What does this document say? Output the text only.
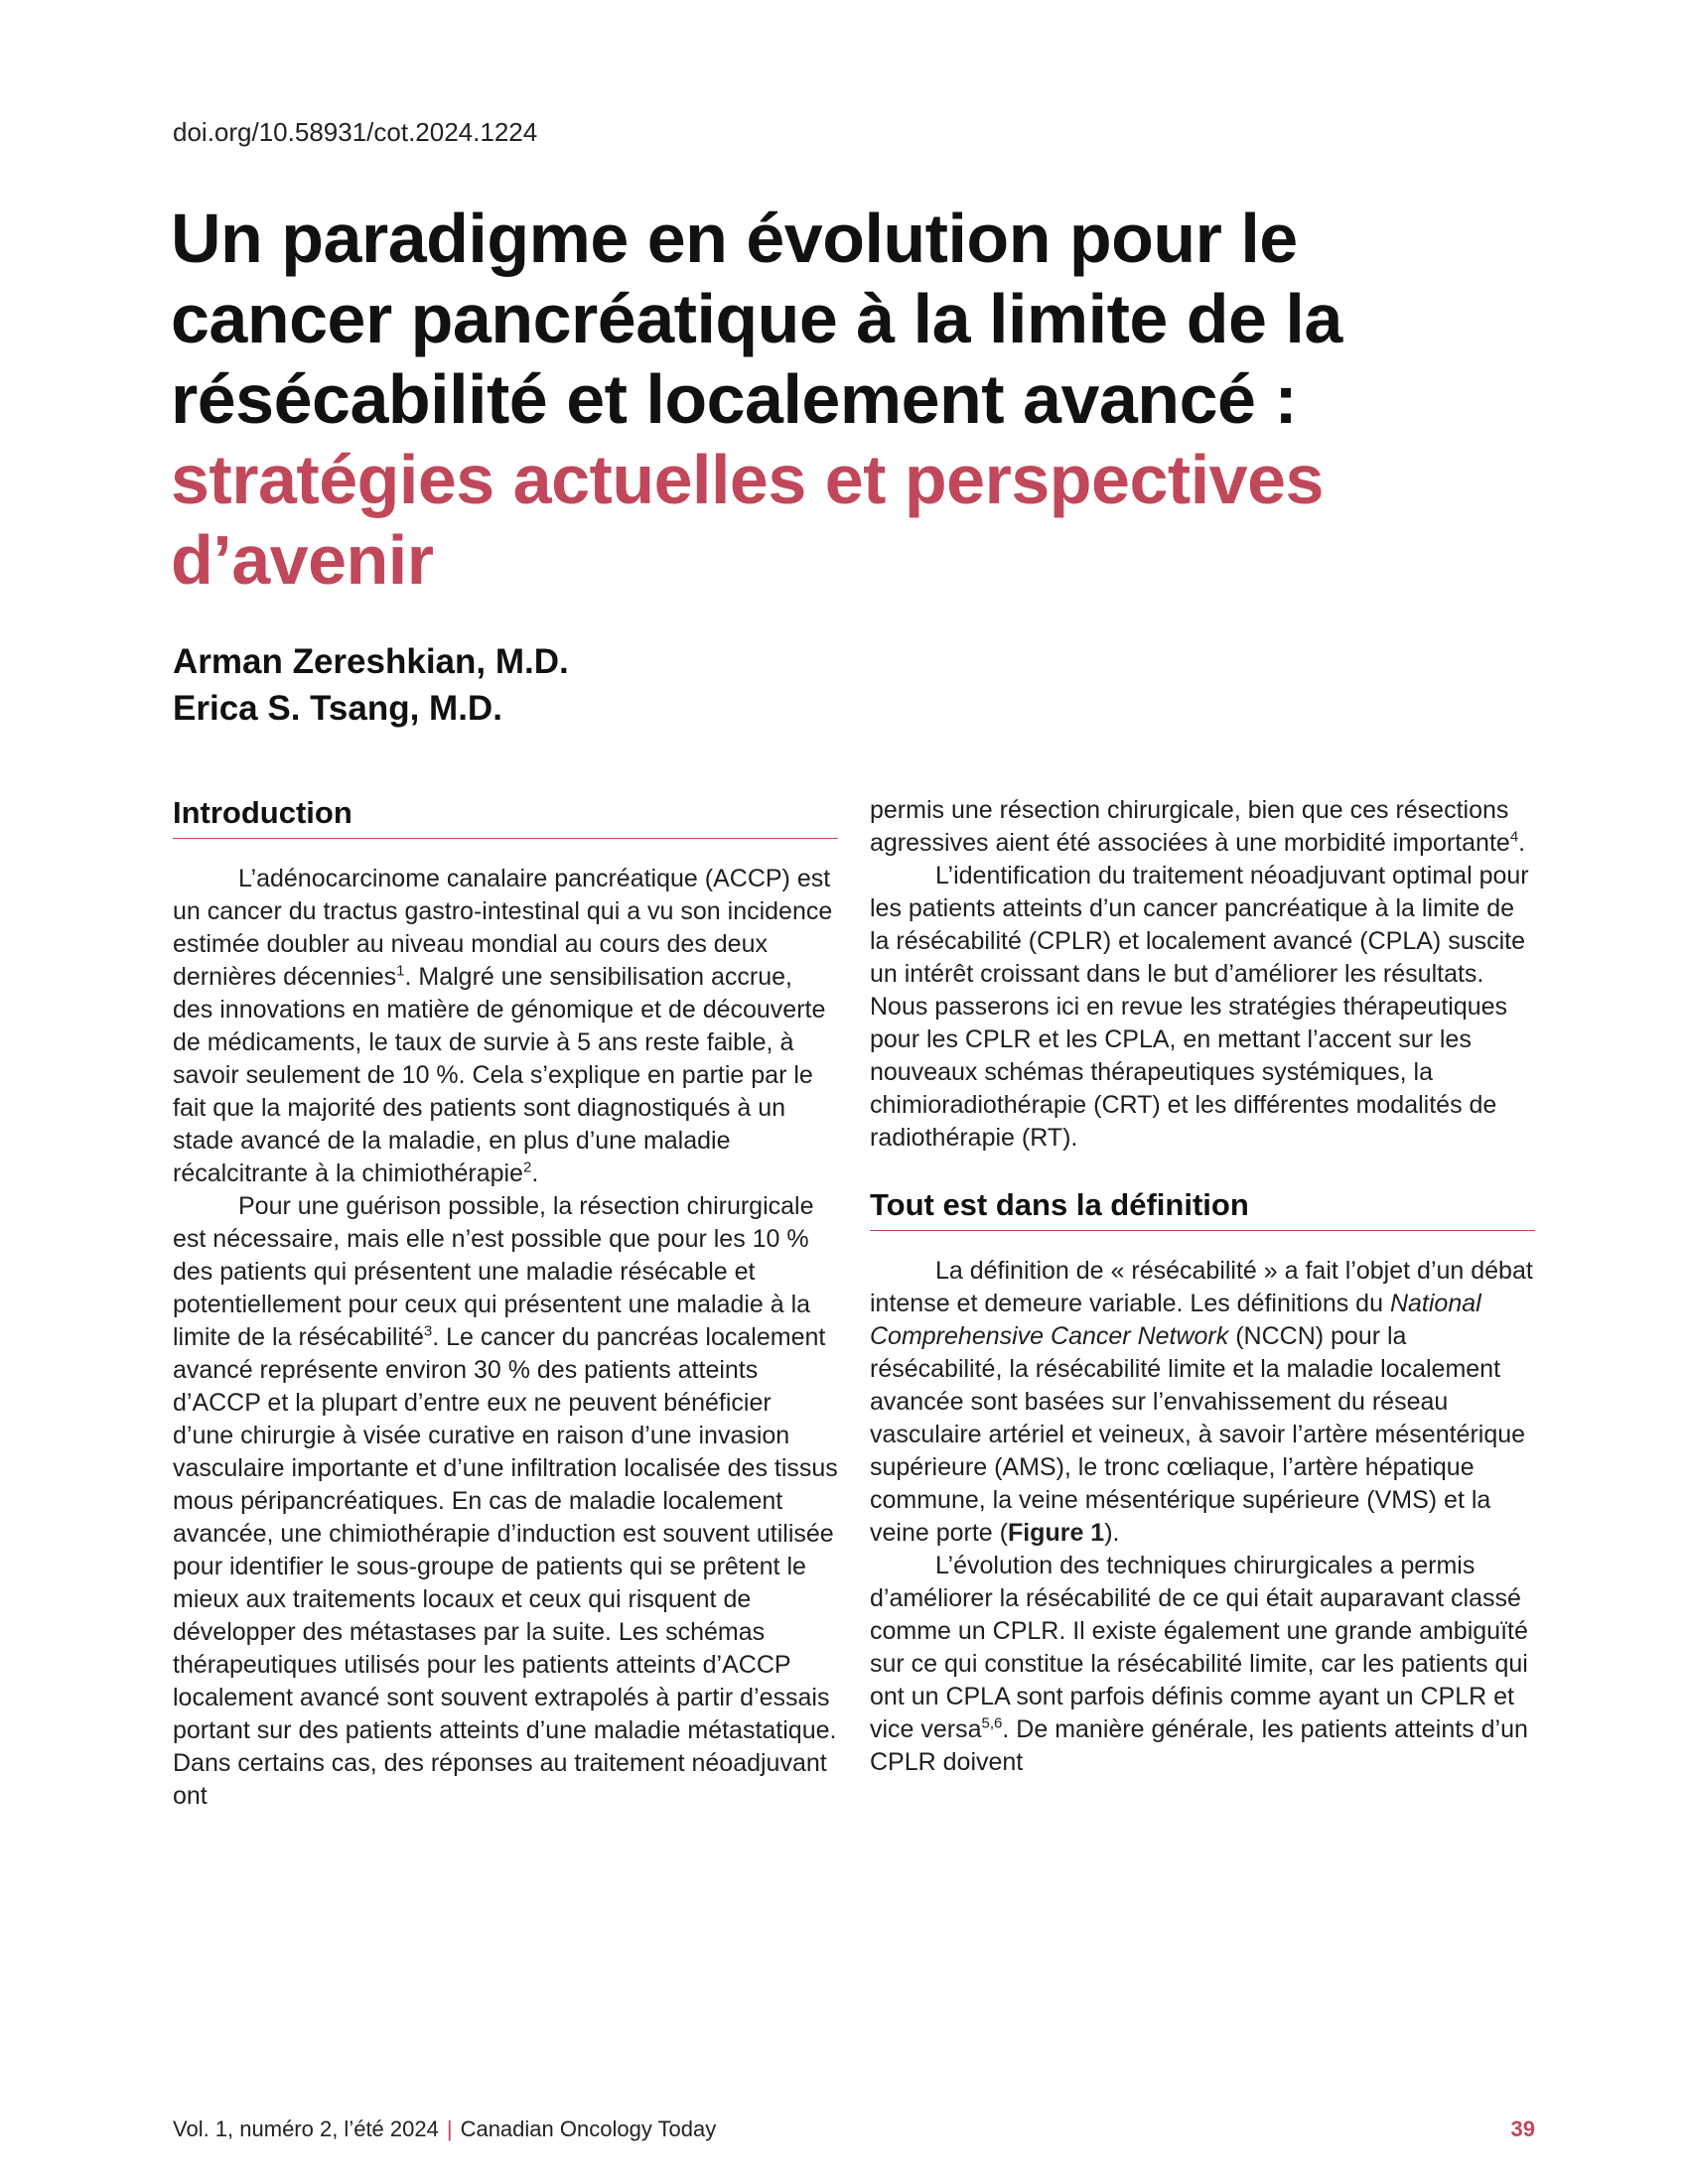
doi.org/10.58931/cot.2024.1224
Un paradigme en évolution pour le
cancer pancréatique à la limite de la
résécabilité et localement avancé :
stratégies actuelles et perspectives
d’avenir
Arman Zereshkian, M.D.
Erica S. Tsang, M.D.
Introduction

L’adénocarcinome canalaire pancréatique (ACCP) est un cancer du tractus gastro-intestinal qui a vu son incidence estimée doubler au niveau mondial au cours des deux dernières décennies$^1$. Malgré une sensibilisation accrue, des innovations en matière de génomique et de découverte de médicaments, le taux de survie à 5 ans reste faible, à savoir seulement de 10 %. Cela s’explique en partie par le fait que la majorité des patients sont diagnostiqués à un stade avancé de la maladie, en plus d’une maladie récalcitrante à la chimiothérapie$^2$.

Pour une guérison possible, la résection chirurgicale est nécessaire, mais elle n’est possible que pour les 10 % des patients qui présentent une maladie résécable et potentiellement pour ceux qui présentent une maladie à la limite de la résécabilité$^3$. Le cancer du pancréas localement avancé représente environ 30 % des patients atteints d’ACCP et la plupart d’entre eux ne peuvent bénéficier d’une chirurgie à visée curative en raison d’une invasion vasculaire importante et d’une infiltration localisée des tissus mous péripancréatiques. En cas de maladie localement avancée, une chimiothérapie d’induction est souvent utilisée pour identifier le sous-groupe de patients qui se prêtent le mieux aux traitements locaux et ceux qui risquent de développer des métastases par la suite. Les schémas thérapeutiques utilisés pour les patients atteints d’ACCP localement avancé sont souvent extrapolés à partir d’essais portant sur des patients atteints d’une maladie métastatique. Dans certains cas, des réponses au traitement néoadjuvant ont

permis une résection chirurgicale, bien que ces résections agressives aient été associées à une morbidité importante$^4$.

L’identification du traitement néoadjuvant optimal pour les patients atteints d’un cancer pancréatique à la limite de la résécabilité (CPLR) et localement avancé (CPLA) suscite un intérêt croissant dans le but d’améliorer les résultats. Nous passerons ici en revue les stratégies thérapeutiques pour les CPLR et les CPLA, en mettant l’accent sur les nouveaux schémas thérapeutiques systémiques, la chimioradiothérapie (CRT) et les différentes modalités de radiothérapie (RT).

Tout est dans la définition

La définition de « résécabilité » a fait l’objet d’un débat intense et demeure variable. Les définitions du National Comprehensive Cancer Network (NCCN) pour la résécabilité, la résécabilité limite et la maladie localement avancée sont basées sur l’envahissement du réseau vasculaire artériel et veineux, à savoir l’artère mésentérique supérieure (AMS), le tronc cœliaque, l’artère hépatique commune, la veine mésentérique supérieure (VMS) et la veine porte (Figure 1).

L’évolution des techniques chirurgicales a permis d’améliorer la résécabilité de ce qui était auparavant classé comme un CPLR. Il existe également une grande ambiguïté sur ce qui constitue la résécabilité limite, car les patients qui ont un CPLA sont parfois définis comme ayant un CPLR et vice versa$^{5,6}$. De manière générale, les patients atteints d’un CPLR doivent

Vol. 1, numéro 2, l’été 2024 | Canadian Oncology Today	39
